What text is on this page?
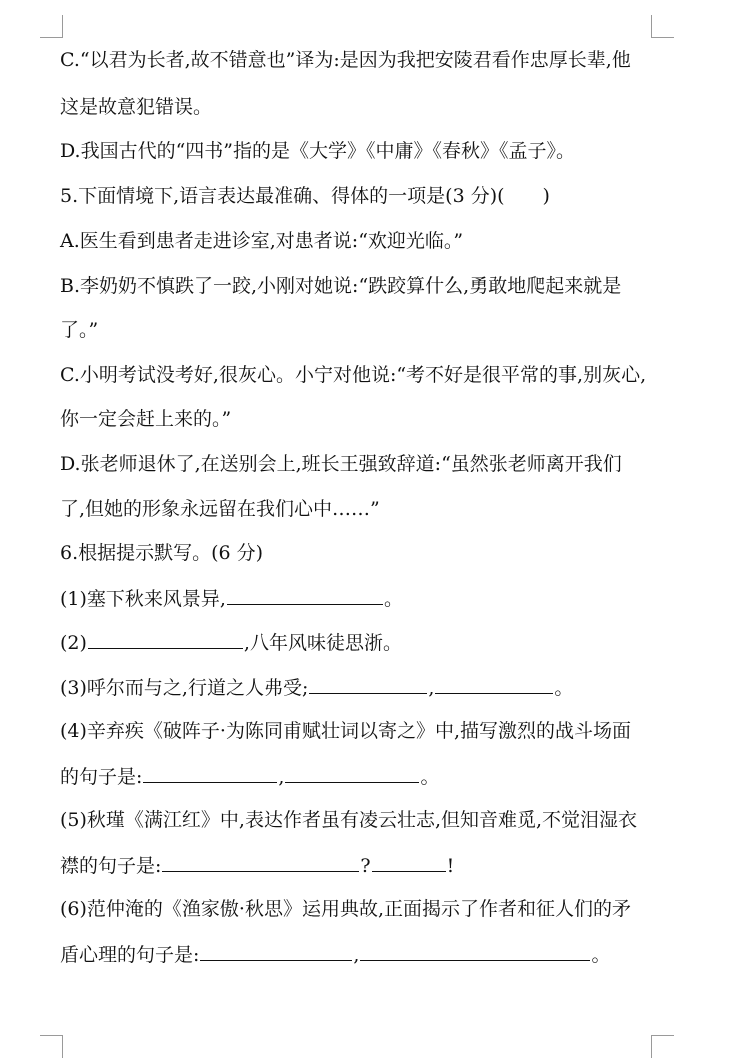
C.“以君为长者,故不错意也”译为:是因为我把安陵君看作忠厚长辈,他
这是故意犯错误。
D.我国古代的“四书”指的是《大学》《中庸》《春秋》《孟子》。
5.下面情境下,语言表达最准确、得体的一项是(3 分)(　　)
A.医生看到患者走进诊室,对患者说:“欢迎光临。”
B.李奶奶不慎跌了一跤,小刚对她说:“跌跤算什么,勇敢地爬起来就是
了。”
C.小明考试没考好,很灰心。小宁对他说:“考不好是很平常的事,别灰心,
你一定会赶上来的。”
D.张老师退休了,在送别会上,班长王强致辞道:“虽然张老师离开我们
了,但她的形象永远留在我们心中……”
6.根据提示默写。(6 分)
(1)塞下秋来风景异,	。
(2)	,八年风味徒思浙。
(3)呼尔而与之,行道之人弗受;	,	。
(4)辛弃疾《破阵子·为陈同甫赋壮词以寄之》中,描写激烈的战斗场面
的句子是:	,	。
(5)秋瑾《满江红》中,表达作者虽有凌云壮志,但知音难觅,不觉泪湿衣
襟的句子是:	?	!
(6)范仲淹的《渔家傲·秋思》运用典故,正面揭示了作者和征人们的矛
盾心理的句子是:	,	。
